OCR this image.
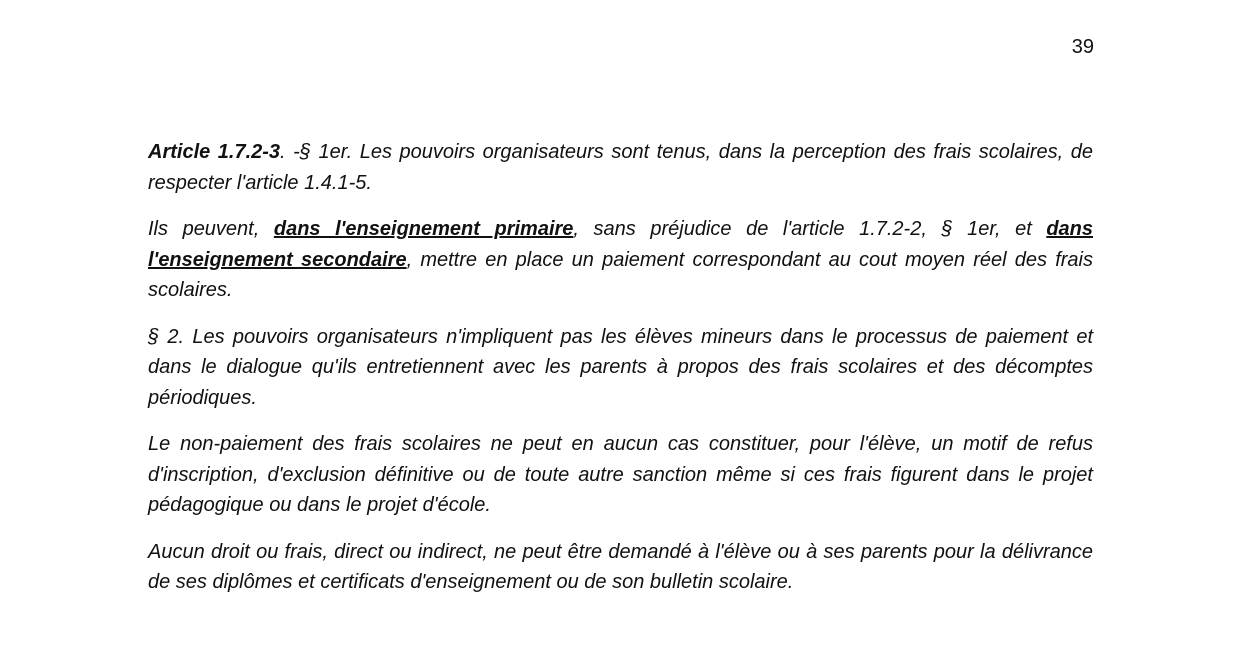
39

Article 1.7.2-3. -§ 1er. Les pouvoirs organisateurs sont tenus, dans la perception des frais scolaires, de respecter l'article 1.4.1-5.

Ils peuvent, dans l'enseignement primaire, sans préjudice de l'article 1.7.2-2, § 1er, et dans l'enseignement secondaire, mettre en place un paiement correspondant au cout moyen réel des frais scolaires.

§ 2. Les pouvoirs organisateurs n'impliquent pas les élèves mineurs dans le processus de paiement et dans le dialogue qu'ils entretiennent avec les parents à propos des frais scolaires et des décomptes périodiques.

Le non-paiement des frais scolaires ne peut en aucun cas constituer, pour l'élève, un motif de refus d'inscription, d'exclusion définitive ou de toute autre sanction même si ces frais figurent dans le projet pédagogique ou dans le projet d'école.

Aucun droit ou frais, direct ou indirect, ne peut être demandé à l'élève ou à ses parents pour la délivrance de ses diplômes et certificats d'enseignement ou de son bulletin scolaire.
